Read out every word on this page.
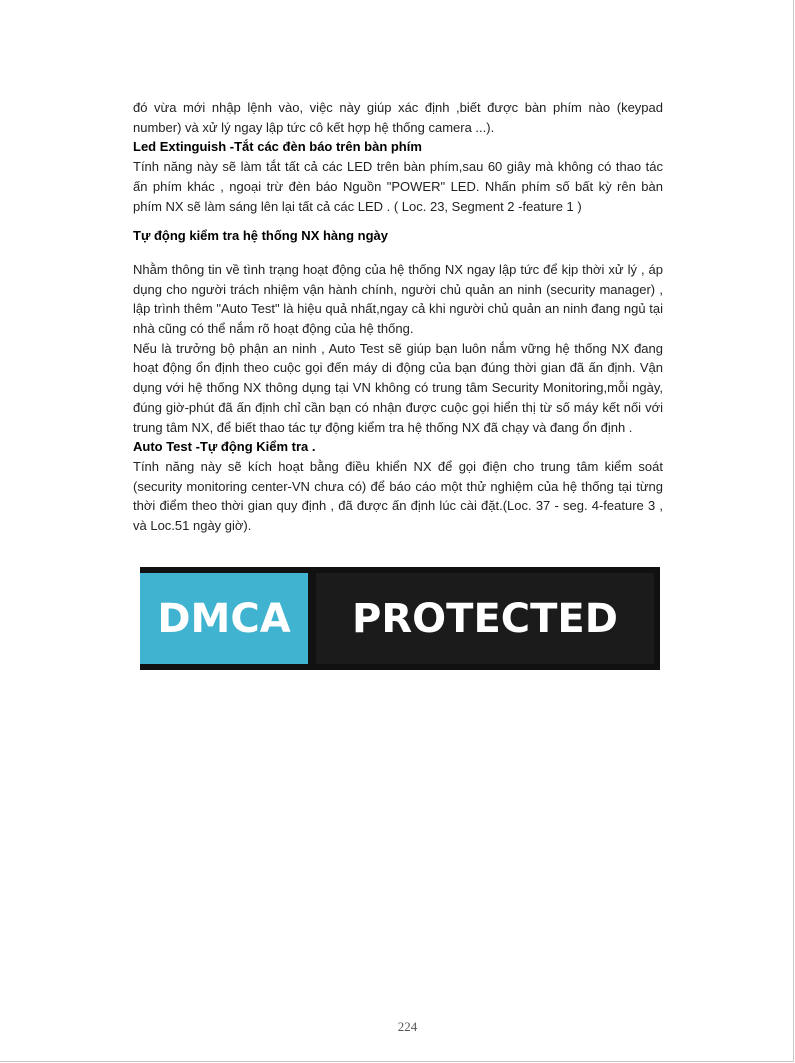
đó vừa mới nhập lệnh vào, việc này giúp xác định ,biết được bàn phím nào (keypad number) và xử lý ngay lập tức cô kết hợp hệ thống camera ...).

Led Extinguish -Tắt các đèn báo trên bàn phím

Tính năng này sẽ làm tắt tất cả các LED trên bàn phím,sau 60 giây mà không có thao tác ấn phím khác , ngoại trừ đèn báo Nguồn "POWER" LED. Nhấn phím số bất kỳ rên bàn phím NX sẽ làm sáng lên lại tất cả các LED . ( Loc. 23, Segment 2 -feature 1 )

Tự động kiểm tra hệ thống NX hàng ngày

Nhằm thông tin về tình trạng hoạt động của hệ thống NX ngay lập tức để kịp thời xử lý , áp dụng cho người trách nhiệm vận hành chính, người chủ quản an ninh (security manager) , lập trình thêm "Auto Test" là hiệu quả nhất,ngay cả khi người chủ quản an ninh đang ngủ tại nhà cũng có thể nắm rõ hoạt động của hệ thống.

Nếu là trưởng bộ phận an ninh , Auto Test sẽ giúp bạn luôn nắm vững hệ thống NX đang hoạt động ổn định theo cuộc gọi đến máy di động của bạn đúng thời gian đã ấn định. Vận dụng với hệ thống NX thông dụng tại VN không có trung tâm Security Monitoring,mỗi ngày, đúng giờ-phút đã ấn định chỉ cần bạn có nhận được cuộc gọi hiển thị từ số máy kết nối với trung tâm NX, để biết thao tác tự động kiểm tra hệ thống NX đã chạy và đang ổn định .

Auto Test -Tự động Kiểm tra .

Tính năng này sẽ kích hoạt bằng điều khiển NX để gọi điện cho trung tâm kiểm soát (security monitoring center-VN chưa có) để báo cáo một thử nghiệm của hệ thống tại từng thời điểm theo thời gian quy định , đã được ấn định lúc cài đặt.(Loc. 37 - seg. 4-feature 3 , và Loc.51 ngày giờ).

DMCA	PROTECTED
224
